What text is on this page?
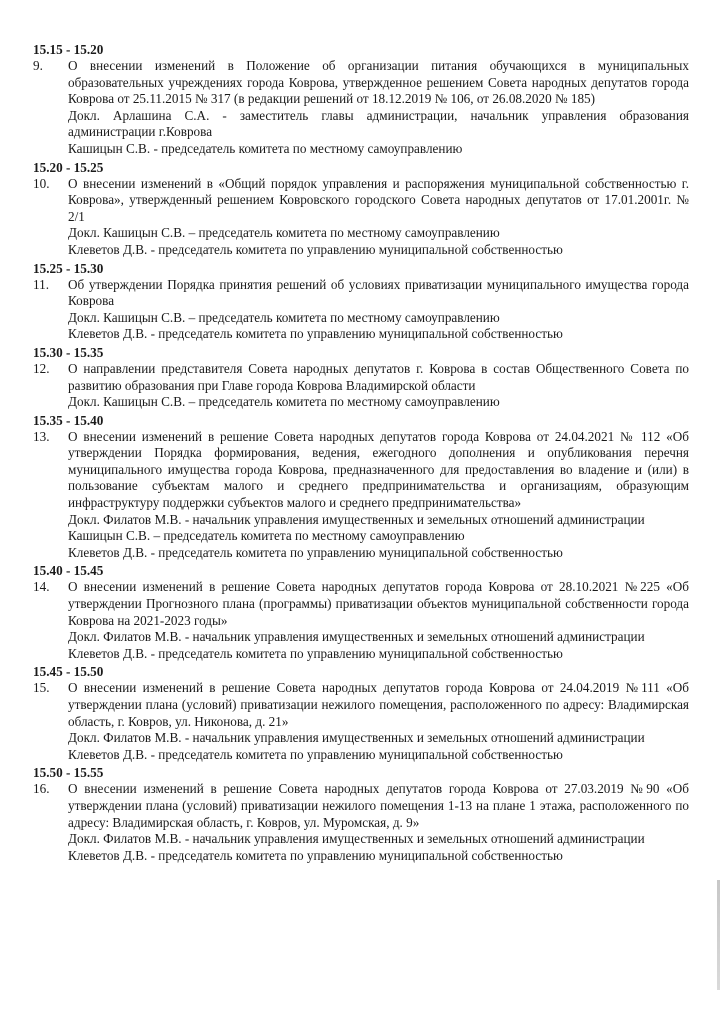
15.15 - 15.20
9.	О внесении изменений в Положение об организации питания обучающихся в муниципальных образовательных учреждениях города Коврова, утвержденное решением Совета народных депутатов города Коврова от 25.11.2015 № 317 (в редакции решений от 18.12.2019 № 106, от 26.08.2020 № 185)
Докл. Арлашина С.А. - заместитель главы администрации, начальник управления образования администрации г.Коврова
Кашицын С.В. - председатель комитета по местному самоуправлению
15.20 - 15.25
10.	О внесении изменений в «Общий порядок управления и распоряжения муниципальной собственностью г. Коврова», утвержденный решением Ковровского городского Совета народных депутатов от 17.01.2001г. № 2/1
Докл. Кашицын С.В. – председатель комитета по местному самоуправлению
Клеветов Д.В. - председатель комитета по управлению муниципальной собственностью
15.25 - 15.30
11.	Об утверждении Порядка принятия решений об условиях приватизации муниципального имущества города Коврова
Докл. Кашицын С.В. – председатель комитета по местному самоуправлению
Клеветов Д.В. - председатель комитета по управлению муниципальной собственностью
15.30 - 15.35
12.	О направлении представителя Совета народных депутатов г. Коврова в состав Общественного Совета по развитию образования при Главе города Коврова Владимирской области
Докл. Кашицын С.В. – председатель комитета по местному самоуправлению
15.35 - 15.40
13.	О внесении изменений в решение Совета народных депутатов города Коврова от 24.04.2021 № 112 «Об утверждении Порядка формирования, ведения, ежегодного дополнения и опубликования перечня муниципального имущества города Коврова, предназначенного для предоставления во владение и (или) в пользование субъектам малого и среднего предпринимательства и организациям, образующим инфраструктуру поддержки субъектов малого и среднего предпринимательства»
Докл. Филатов М.В. - начальник управления имущественных и земельных отношений администрации
Кашицын С.В. – председатель комитета по местному самоуправлению
Клеветов Д.В. - председатель комитета по управлению муниципальной собственностью
15.40 - 15.45
14.	О внесении изменений в решение Совета народных депутатов города Коврова от 28.10.2021 №225 «Об утверждении Прогнозного плана (программы) приватизации объектов муниципальной собственности города Коврова на 2021-2023 годы»
Докл. Филатов М.В. - начальник управления имущественных и земельных отношений администрации
Клеветов Д.В. - председатель комитета по управлению муниципальной собственностью
15.45 - 15.50
15.	О внесении изменений в решение Совета народных депутатов города Коврова от 24.04.2019 №111 «Об утверждении плана (условий) приватизации нежилого помещения, расположенного по адресу: Владимирская область, г. Ковров, ул. Никонова, д. 21»
Докл. Филатов М.В. - начальник управления имущественных и земельных отношений администрации
Клеветов Д.В. - председатель комитета по управлению муниципальной собственностью
15.50 - 15.55
16.	О внесении изменений в решение Совета народных депутатов города Коврова от 27.03.2019 №90 «Об утверждении плана (условий) приватизации нежилого помещения 1-13 на плане 1 этажа, расположенного по адресу: Владимирская область, г. Ковров, ул. Муромская, д. 9»
Докл. Филатов М.В. - начальник управления имущественных и земельных отношений администрации
Клеветов Д.В. - председатель комитета по управлению муниципальной собственностью
